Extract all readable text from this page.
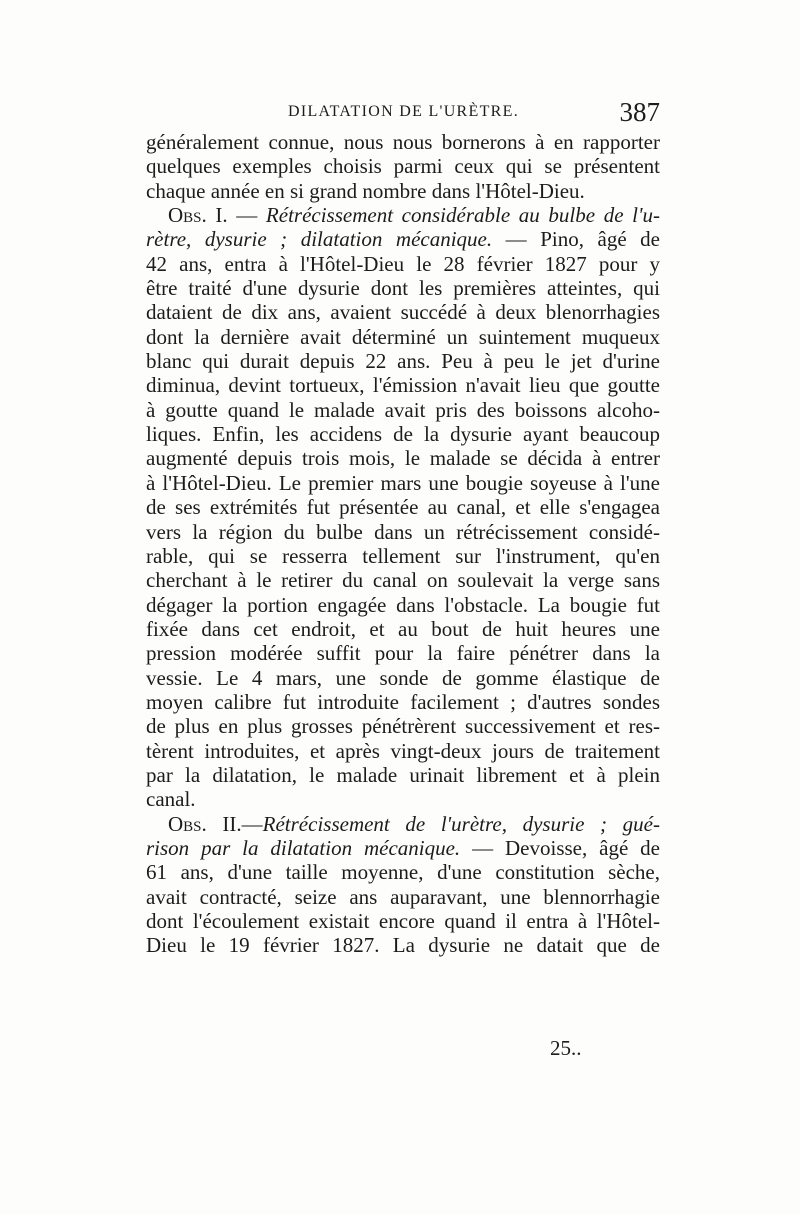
DILATATION DE L'URÈTRE.	387
généralement connue, nous nous bornerons à en rapporter
quelques exemples choisis parmi ceux qui se présentent
chaque année en si grand nombre dans l'Hôtel-Dieu.
Obs. I. — Rétrécissement considérable au bulbe de l'u-
rètre, dysurie ; dilatation mécanique. — Pino, âgé de
42 ans, entra à l'Hôtel-Dieu le 28 février 1827 pour y
être traité d'une dysurie dont les premières atteintes, qui
dataient de dix ans, avaient succédé à deux blenorrhagies
dont la dernière avait déterminé un suintement muqueux
blanc qui durait depuis 22 ans. Peu à peu le jet d'urine
diminua, devint tortueux, l'émission n'avait lieu que goutte
à goutte quand le malade avait pris des boissons alcoho-
liques. Enfin, les accidens de la dysurie ayant beaucoup
augmenté depuis trois mois, le malade se décida à entrer
à l'Hôtel-Dieu. Le premier mars une bougie soyeuse à l'une
de ses extrémités fut présentée au canal, et elle s'engagea
vers la région du bulbe dans un rétrécissement considé-
rable, qui se resserra tellement sur l'instrument, qu'en
cherchant à le retirer du canal on soulevait la verge sans
dégager la portion engagée dans l'obstacle. La bougie fut
fixée dans cet endroit, et au bout de huit heures une
pression modérée suffit pour la faire pénétrer dans la
vessie. Le 4 mars, une sonde de gomme élastique de
moyen calibre fut introduite facilement ; d'autres sondes
de plus en plus grosses pénétrèrent successivement et res-
tèrent introduites, et après vingt-deux jours de traitement
par la dilatation, le malade urinait librement et à plein
canal.
Obs. II.—Rétrécissement de l'urètre, dysurie ; gué-
rison par la dilatation mécanique. — Devoisse, âgé de
61 ans, d'une taille moyenne, d'une constitution sèche,
avait contracté, seize ans auparavant, une blennorrhagie
dont l'écoulement existait encore quand il entra à l'Hôtel-
Dieu le 19 février 1827. La dysurie ne datait que de
25..
